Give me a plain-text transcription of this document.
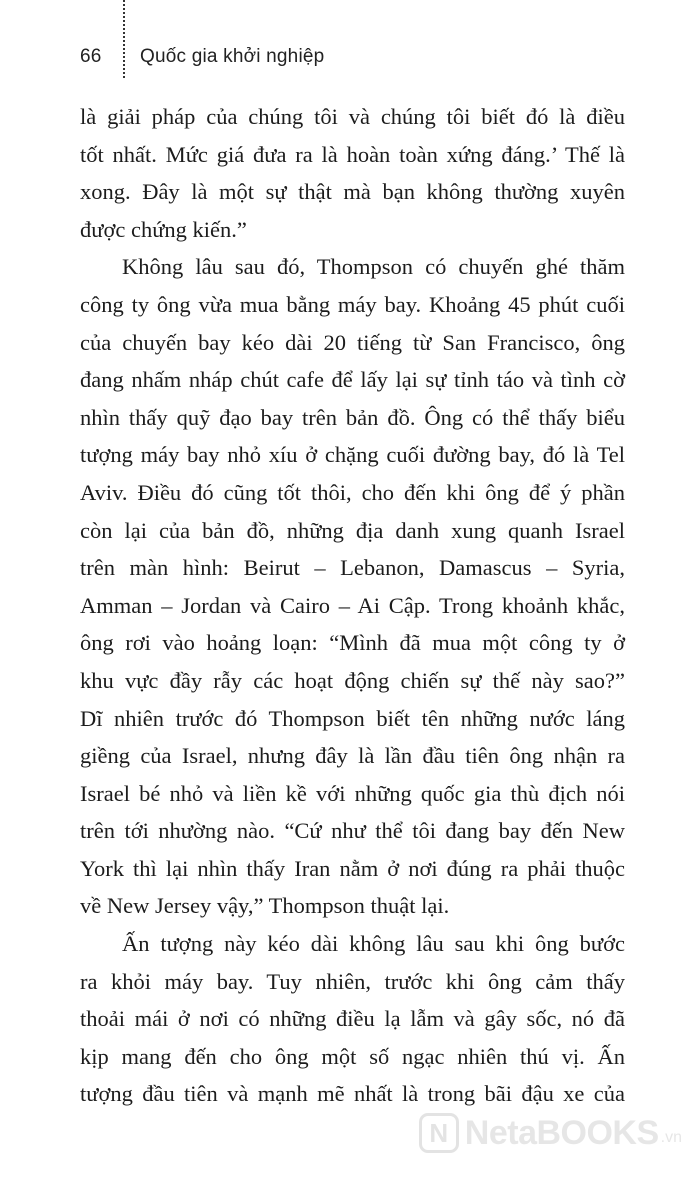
66	Quốc gia khởi nghiệp
là giải pháp của chúng tôi và chúng tôi biết đó là điều
tốt nhất. Mức giá đưa ra là hoàn toàn xứng đáng.’ Thế là
xong. Đây là một sự thật mà bạn không thường xuyên
được chứng kiến.”
Không lâu sau đó, Thompson có chuyến ghé thăm
công ty ông vừa mua bằng máy bay. Khoảng 45 phút cuối
của chuyến bay kéo dài 20 tiếng từ San Francisco, ông
đang nhấm nháp chút cafe để lấy lại sự tỉnh táo và tình cờ
nhìn thấy quỹ đạo bay trên bản đồ. Ông có thể thấy biểu
tượng máy bay nhỏ xíu ở chặng cuối đường bay, đó là Tel
Aviv. Điều đó cũng tốt thôi, cho đến khi ông để ý phần
còn lại của bản đồ, những địa danh xung quanh Israel
trên màn hình: Beirut – Lebanon, Damascus – Syria,
Amman – Jordan và Cairo – Ai Cập. Trong khoảnh khắc,
ông rơi vào hoảng loạn: “Mình đã mua một công ty ở
khu vực đầy rẫy các hoạt động chiến sự thế này sao?”
Dĩ nhiên trước đó Thompson biết tên những nước láng
giềng của Israel, nhưng đây là lần đầu tiên ông nhận ra
Israel bé nhỏ và liền kề với những quốc gia thù địch nói
trên tới nhường nào. “Cứ như thể tôi đang bay đến New
York thì lại nhìn thấy Iran nằm ở nơi đúng ra phải thuộc
về New Jersey vậy,” Thompson thuật lại.
Ấn tượng này kéo dài không lâu sau khi ông bước
ra khỏi máy bay. Tuy nhiên, trước khi ông cảm thấy
thoải mái ở nơi có những điều lạ lẫm và gây sốc, nó đã
kịp mang đến cho ông một số ngạc nhiên thú vị. Ấn
tượng đầu tiên và mạnh mẽ nhất là trong bãi đậu xe của
N NetaBOOKS .vn
